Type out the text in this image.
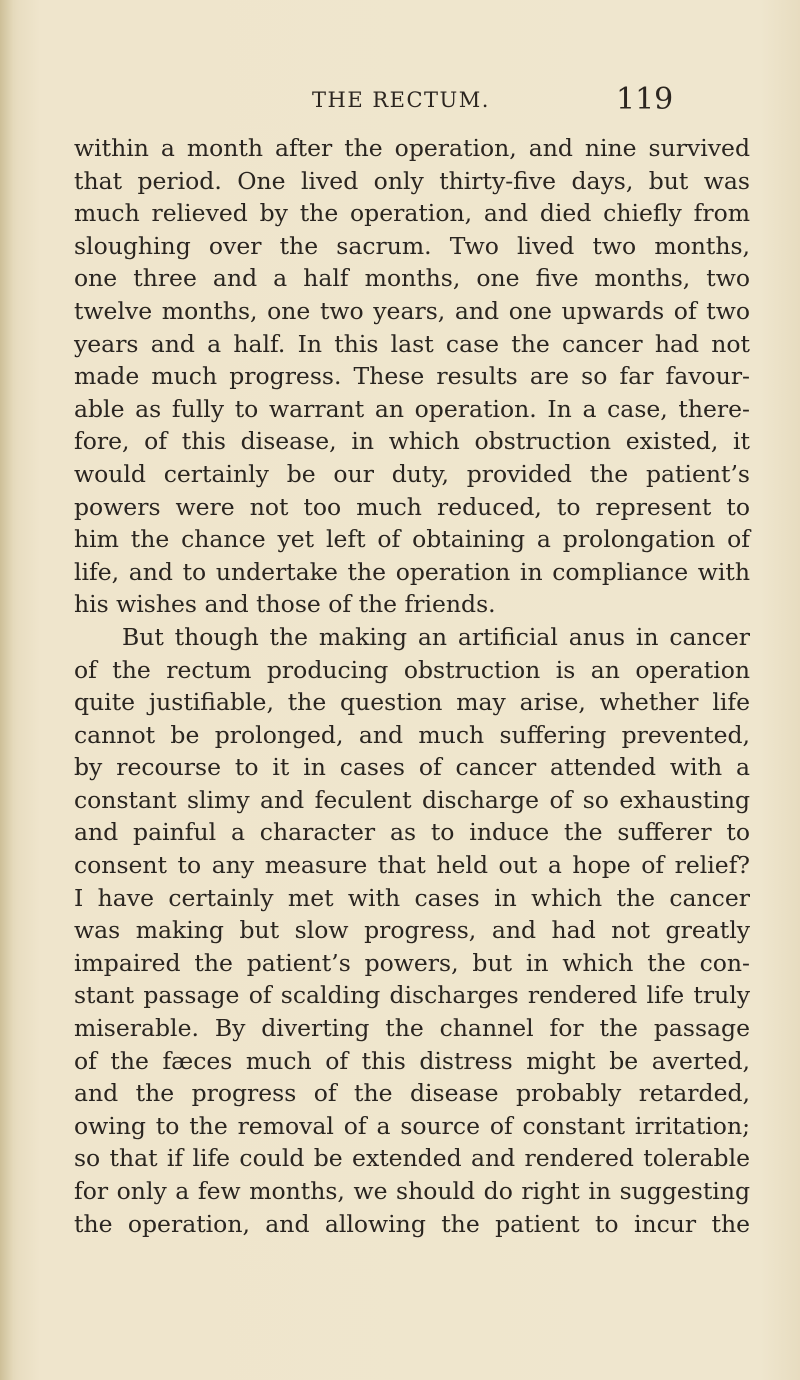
THE RECTUM.	119
within a month after the operation, and nine survived
that period. One lived only thirty-five days, but was
much relieved by the operation, and died chiefly from
sloughing over the sacrum. Two lived two months,
one three and a half months, one five months, two
twelve months, one two years, and one upwards of two
years and a half. In this last case the cancer had not
made much progress. These results are so far favour-
able as fully to warrant an operation. In a case, there-
fore, of this disease, in which obstruction existed, it
would certainly be our duty, provided the patient’s
powers were not too much reduced, to represent to
him the chance yet left of obtaining a prolongation of
life, and to undertake the operation in compliance with
his wishes and those of the friends.
But though the making an artificial anus in cancer
of the rectum producing obstruction is an operation
quite justifiable, the question may arise, whether life
cannot be prolonged, and much suffering prevented,
by recourse to it in cases of cancer attended with a
constant slimy and feculent discharge of so exhausting
and painful a character as to induce the sufferer to
consent to any measure that held out a hope of relief?
I have certainly met with cases in which the cancer
was making but slow progress, and had not greatly
impaired the patient’s powers, but in which the con-
stant passage of scalding discharges rendered life truly
miserable. By diverting the channel for the passage
of the fæces much of this distress might be averted,
and the progress of the disease probably retarded,
owing to the removal of a source of constant irritation;
so that if life could be extended and rendered tolerable
for only a few months, we should do right in suggesting
the operation, and allowing the patient to incur the
